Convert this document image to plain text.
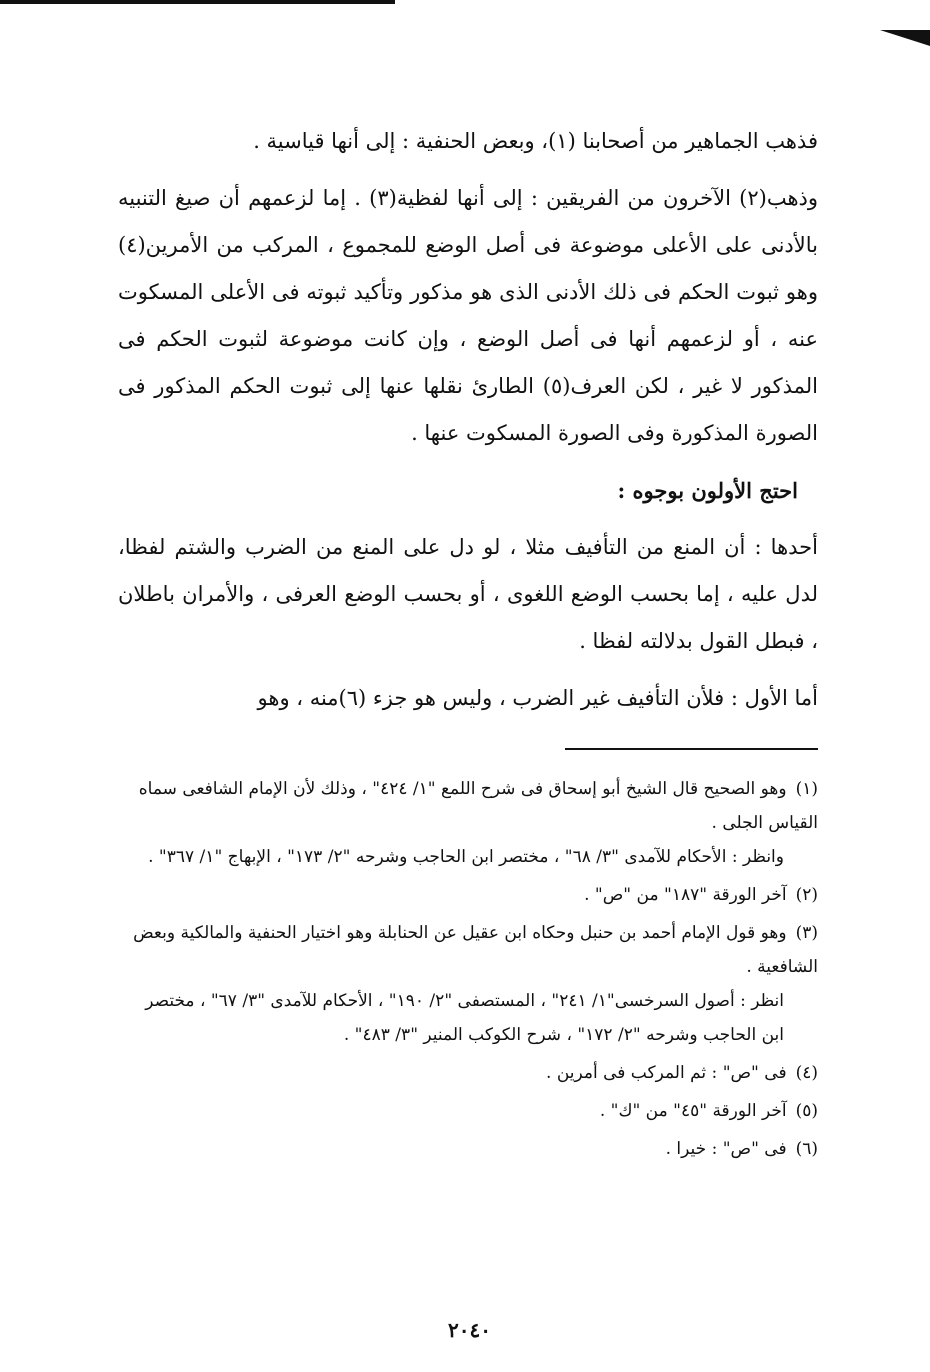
فذهب الجماهير من أصحابنا (١)، وبعض الحنفية : إلى أنها قياسية .

وذهب(٢) الآخرون من الفريقين : إلى أنها لفظية(٣) . إما لزعمهم أن صيغ التنبيه بالأدنى على الأعلى موضوعة فى أصل الوضع للمجموع ، المركب من الأمرين(٤) وهو ثبوت الحكم فى ذلك الأدنى الذى هو مذكور وتأكيد ثبوته فى الأعلى المسكوت عنه ، أو لزعمهم أنها فى أصل الوضع ، وإن كانت موضوعة لثبوت الحكم فى المذكور لا غير ، لكن العرف(٥) الطارئ نقلها عنها إلى ثبوت الحكم المذكور فى الصورة المذكورة وفى الصورة المسكوت عنها .

احتج الأولون بوجوه :

أحدها : أن المنع من التأفيف مثلا ، لو دل على المنع من الضرب والشتم لفظا، لدل عليه ، إما بحسب الوضع اللغوى ، أو بحسب الوضع العرفى ، والأمران باطلان ، فبطل القول بدلالته لفظا .

أما الأول : فلأن التأفيف غير الضرب ، وليس هو جزء (٦)منه ، وهو

(١) وهو الصحيح قال الشيخ أبو إسحاق فى شرح اللمع "١/ ٤٢٤" ، وذلك لأن الإمام الشافعى سماه القياس الجلى .

وانظر : الأحكام للآمدى "٣/ ٦٨" ، مختصر ابن الحاجب وشرحه "٢/ ١٧٣" ، الإبهاج "١/ ٣٦٧" .

(٢) آخر الورقة "١٨٧" من "ص" .

(٣) وهو قول الإمام أحمد بن حنبل وحكاه ابن عقيل عن الحنابلة وهو اختيار الحنفية والمالكية وبعض الشافعية .

انظر : أصول السرخسى"١/ ٢٤١" ، المستصفى "٢/ ١٩٠" ، الأحكام للآمدى "٣/ ٦٧" ، مختصر ابن الحاجب وشرحه "٢/ ١٧٢" ، شرح الكوكب المنير "٣/ ٤٨٣" .

(٤) فى "ص" : ثم المركب فى أمرين .

(٥) آخر الورقة "٤٥" من "ك" .

(٦) فى "ص" : خيرا .

٢٠٤٠
